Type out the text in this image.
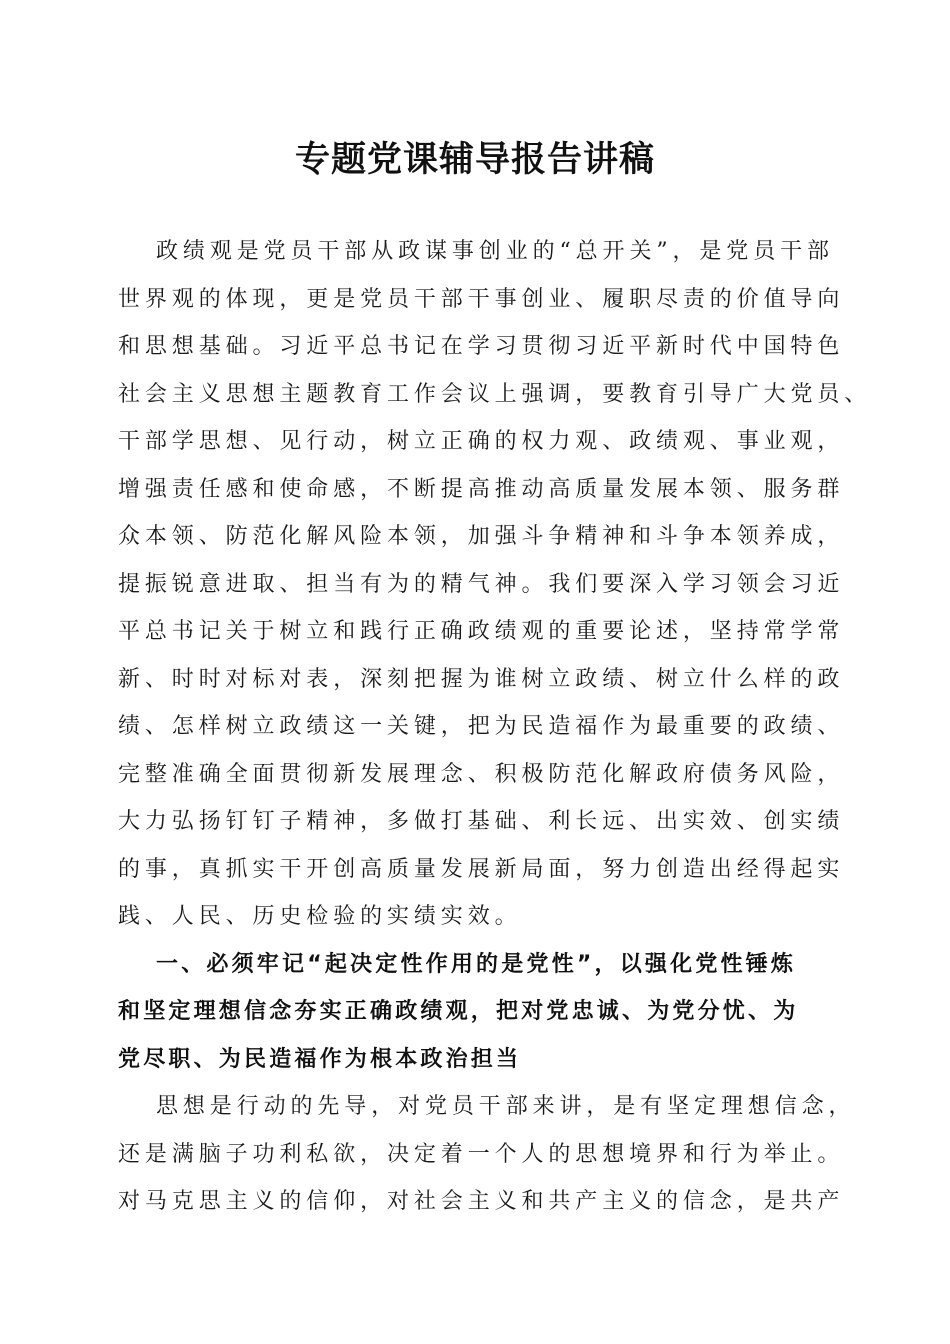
专题党课辅导报告讲稿
政绩观是党员干部从政谋事创业的“总开关”，是党员干部
世界观的体现，更是党员干部干事创业、履职尽责的价值导向
和思想基础。习近平总书记在学习贯彻习近平新时代中国特色
社会主义思想主题教育工作会议上强调，要教育引导广大党员、
干部学思想、见行动，树立正确的权力观、政绩观、事业观，
增强责任感和使命感，不断提高推动高质量发展本领、服务群
众本领、防范化解风险本领，加强斗争精神和斗争本领养成，
提振锐意进取、担当有为的精气神。我们要深入学习领会习近
平总书记关于树立和践行正确政绩观的重要论述，坚持常学常
新、时时对标对表，深刻把握为谁树立政绩、树立什么样的政
绩、怎样树立政绩这一关键，把为民造福作为最重要的政绩、
完整准确全面贯彻新发展理念、积极防范化解政府债务风险，
大力弘扬钉钉子精神，多做打基础、利长远、出实效、创实绩
的事，真抓实干开创高质量发展新局面，努力创造出经得起实
践、人民、历史检验的实绩实效。
一、必须牢记“起决定性作用的是党性”，以强化党性锤炼
和坚定理想信念夯实正确政绩观，把对党忠诚、为党分忧、为
党尽职、为民造福作为根本政治担当
思想是行动的先导，对党员干部来讲，是有坚定理想信念，
还是满脑子功利私欲，决定着一个人的思想境界和行为举止。
对马克思主义的信仰，对社会主义和共产主义的信念，是共产
